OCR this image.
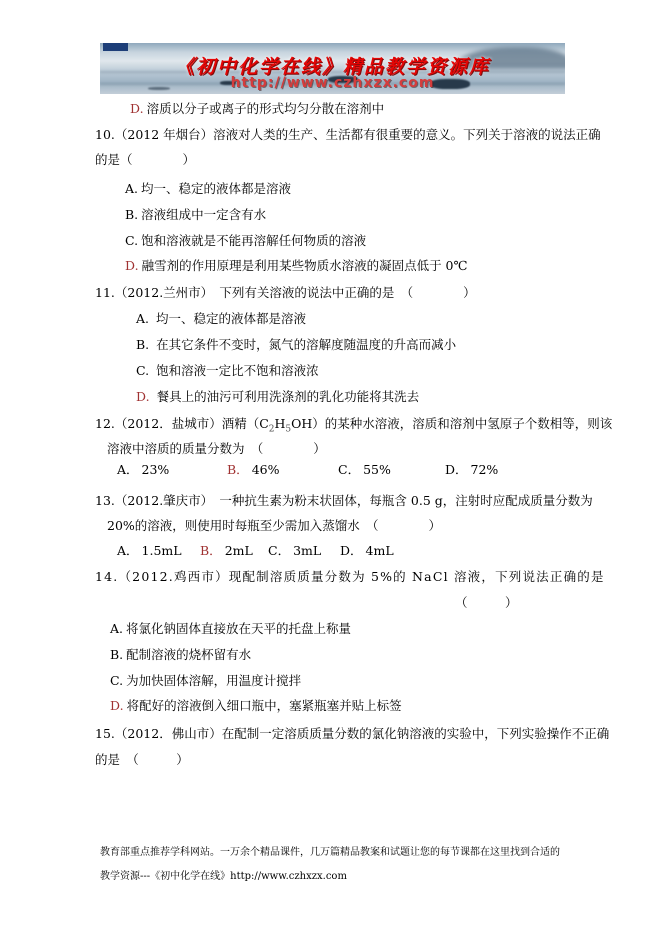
《初中化学在线》精品教学资源库
http://www.czhxzx.com
D. 溶质以分子或离子的形式均匀分散在溶剂中
10.（2012 年烟台）溶液对人类的生产、生活都有很重要的意义。下列关于溶液的说法正确
的是（　　　　）
A. 均一、稳定的液体都是溶液
B. 溶液组成中一定含有水
C. 饱和溶液就是不能再溶解任何物质的溶液
D. 融雪剂的作用原理是利用某些物质水溶液的凝固点低于 0℃
11.（2012.兰州市）　下列有关溶液的说法中正确的是　（　　　　）
A. 均一、稳定的液体都是溶液
B. 在其它条件不变时，氮气的溶解度随温度的升高而减小
C. 饱和溶液一定比不饱和溶液浓
D. 餐具上的油污可利用洗涤剂的乳化功能将其洗去
12.（2012．盐城市）酒精$(C_2H_5OH)$的某种水溶液，溶质和溶剂中氢原子个数相等，则该
溶液中溶质的质量分数为　（　　　　）
A． 23%	B． 46%	C． 55%	D． 72%
13.（2012.肇庆市）　一种抗生素为粉末状固体，每瓶含 0.5 g，注射时应配成质量分数为
20%的溶液，则使用时每瓶至少需加入蒸馏水　（　　　　）
A． 1.5mL B． 2mL C． 3mL D． 4mL
14.（2012.鸡西市）现配制溶质质量分数为 5%的 NaCl 溶液，下列说法正确的是
（　　　）
A. 将氯化钠固体直接放在天平的托盘上称量
B. 配制溶液的烧杯留有水
C. 为加快固体溶解，用温度计搅拌
D. 将配好的溶液倒入细口瓶中，塞紧瓶塞并贴上标签
15.（2012．佛山市）在配制一定溶质质量分数的氯化钠溶液的实验中，下列实验操作不正确
的是　（　　　）
教育部重点推荐学科网站。一万余个精品课件，几万篇精品教案和试题让您的每节课都在这里找到合适的
教学资源---《初中化学在线》http://www.czhxzx.com
